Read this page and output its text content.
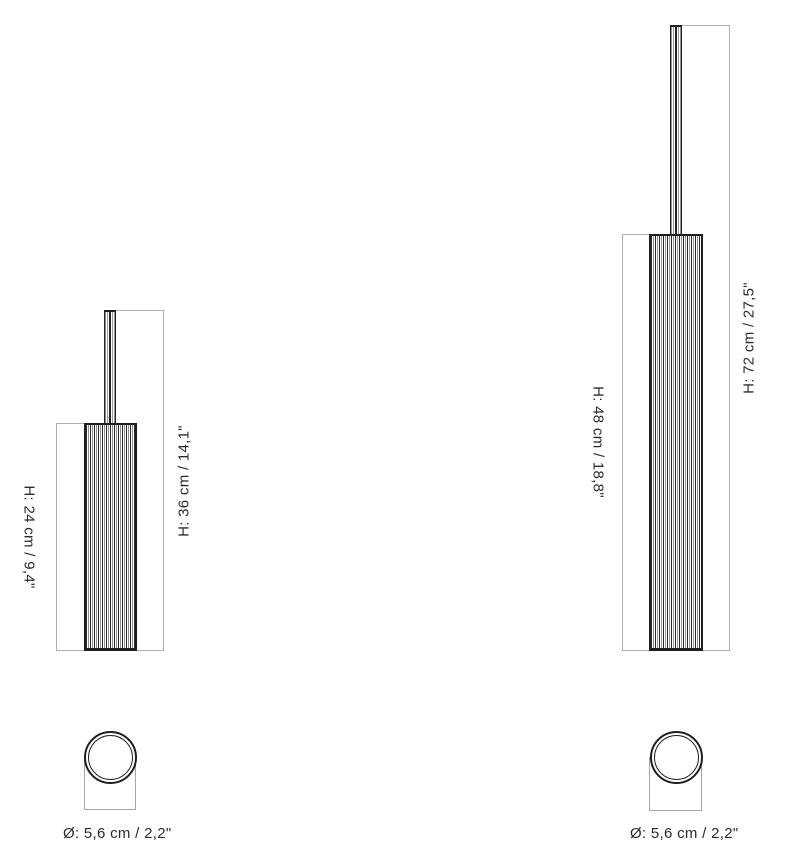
H: 24 cm / 9,4"
H: 36 cm / 14,1"
Ø: 5,6 cm / 2,2"
H: 48 cm / 18,8"
H: 72 cm / 27,5"
Ø: 5,6 cm / 2,2"
